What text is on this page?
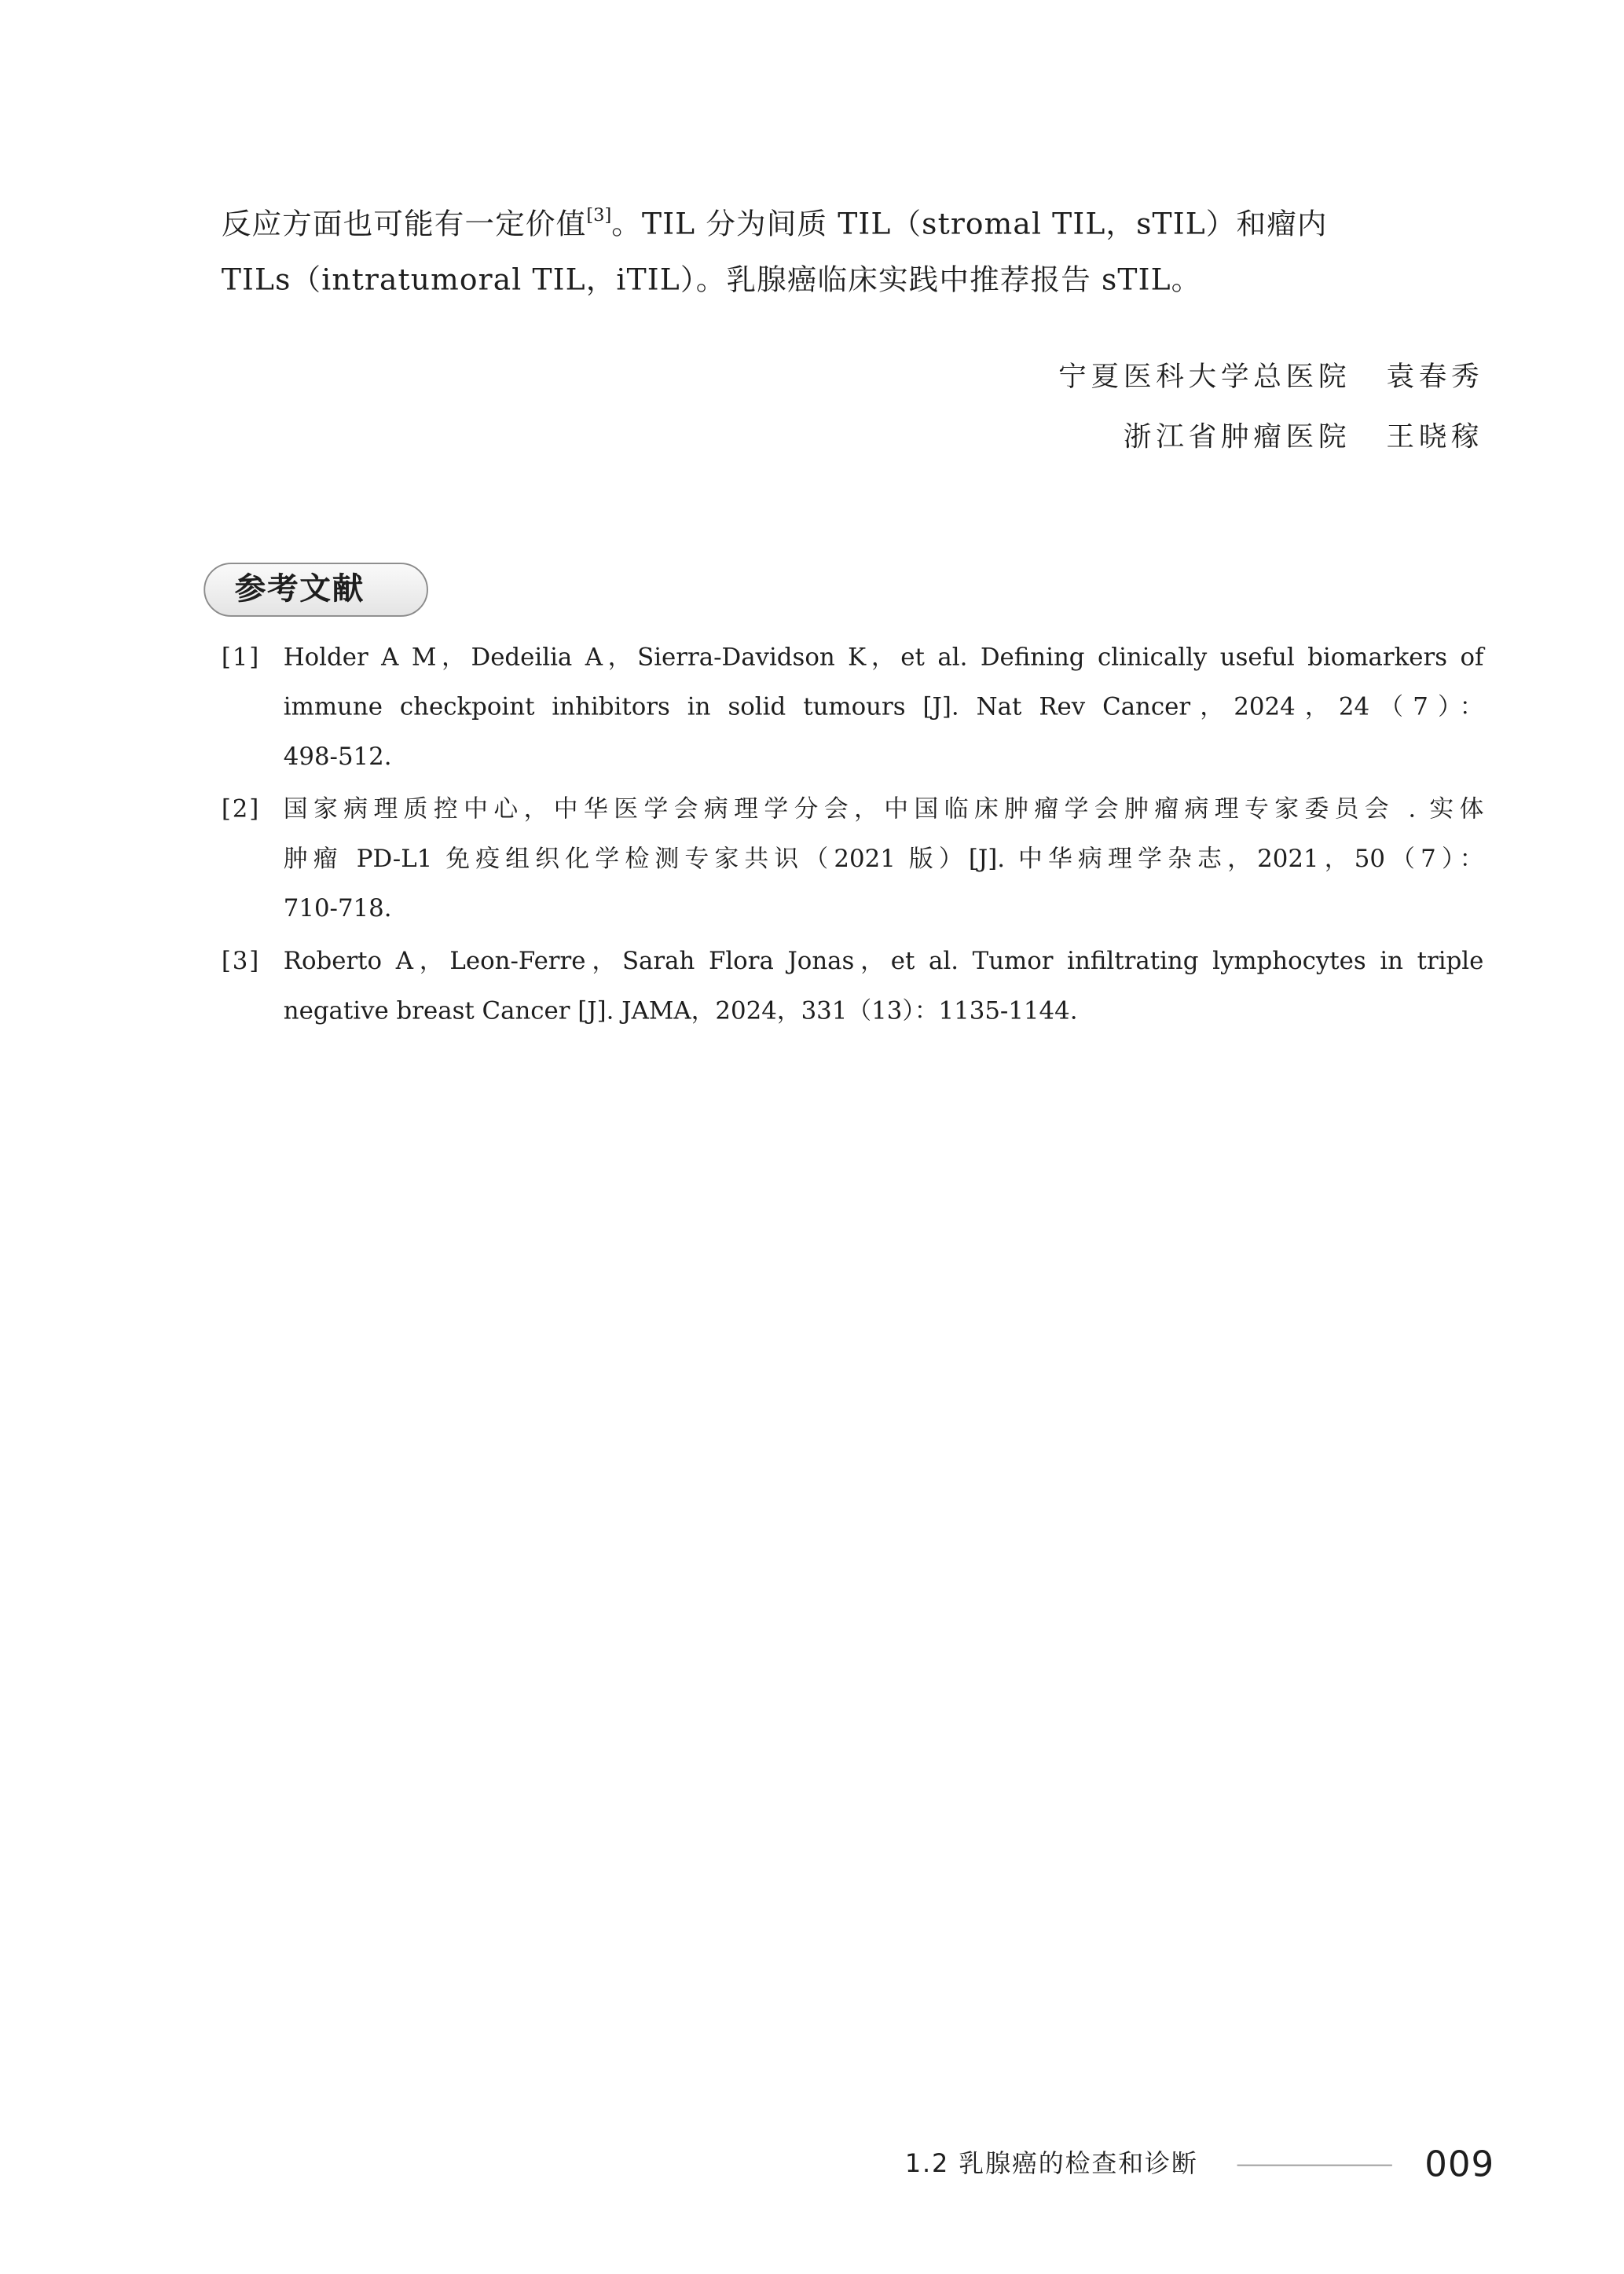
反应方面也可能有一定价值[3]。TIL 分为间质 TIL（stromal TIL，sTIL）和瘤内
TILs（intratumoral TIL，iTIL）。乳腺癌临床实践中推荐报告 sTIL。

宁夏医科大学总医院 袁春秀
浙江省肿瘤医院 王晓稼
参考文献
[1] Holder A M，Dedeilia A，Sierra-Davidson K，et al. Defining clinically useful biomarkers of
immune checkpoint inhibitors in solid tumours [J]. Nat Rev Cancer，2024，24（7）：
498-512.
[2] 国家病理质控中心，中华医学会病理学分会，中国临床肿瘤学会肿瘤病理专家委员会 . 实体
肿瘤 PD-L1 免疫组织化学检测专家共识（2021 版）[J]. 中华病理学杂志，2021，50（7）：
710-718.
[3] Roberto A，Leon-Ferre，Sarah Flora Jonas，et al. Tumor infiltrating lymphocytes in triple
negative breast Cancer [J]. JAMA，2024，331（13）：1135-1144.
1.2 乳腺癌的检查和诊断	009
